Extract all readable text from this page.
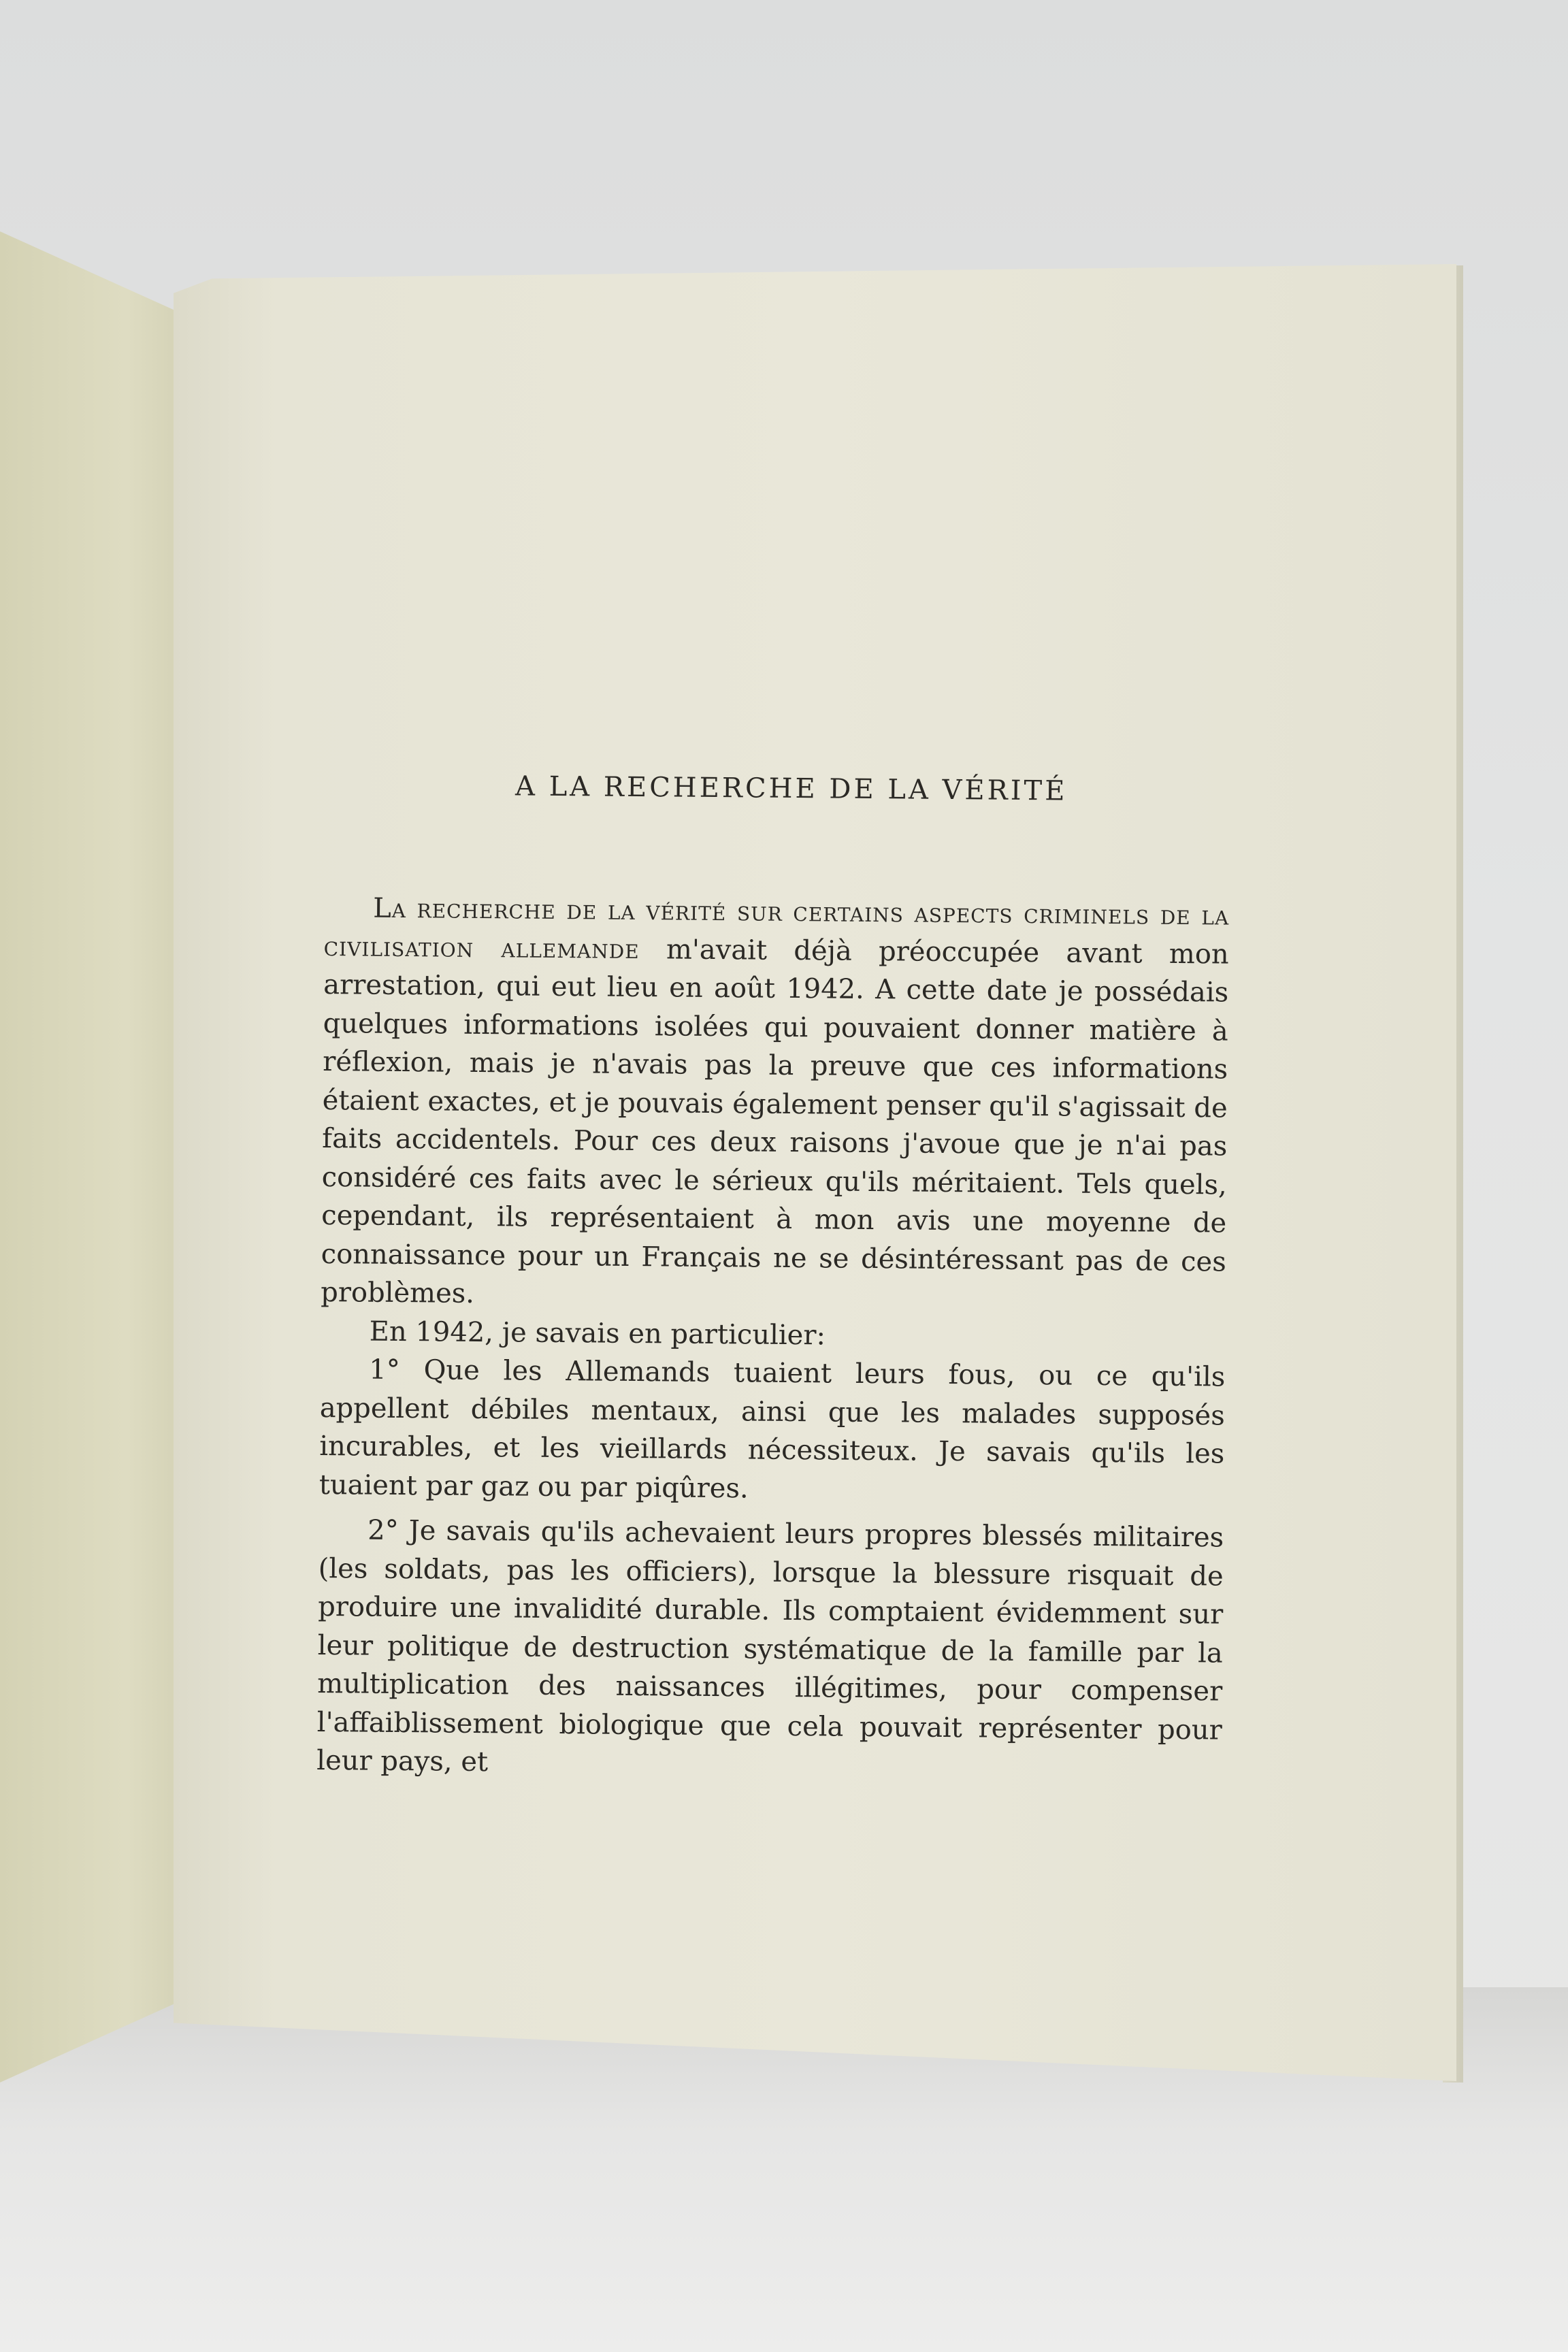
A LA RECHERCHE DE LA VÉRITÉ

La recherche de la vérité sur certains aspects criminels de la civilisation allemande m'avait déjà préoccupée avant mon arrestation, qui eut lieu en août 1942. A cette date je possédais quelques informations isolées qui pouvaient donner matière à réflexion, mais je n'avais pas la preuve que ces informations étaient exactes, et je pouvais également penser qu'il s'agissait de faits accidentels. Pour ces deux raisons j'avoue que je n'ai pas considéré ces faits avec le sérieux qu'ils méritaient. Tels quels, cependant, ils représentaient à mon avis une moyenne de connaissance pour un Français ne se désintéressant pas de ces problèmes.

En 1942, je savais en particulier:

1° Que les Allemands tuaient leurs fous, ou ce qu'ils appellent débiles mentaux, ainsi que les malades supposés incurables, et les vieillards nécessiteux. Je savais qu'ils les tuaient par gaz ou par piqûres.

2° Je savais qu'ils achevaient leurs propres blessés militaires (les soldats, pas les officiers), lorsque la blessure risquait de produire une invalidité durable. Ils comptaient évidemment sur leur politique de destruction systématique de la famille par la multiplication des naissances illégitimes, pour compenser l'affaiblissement biologique que cela pouvait représenter pour leur pays, et
